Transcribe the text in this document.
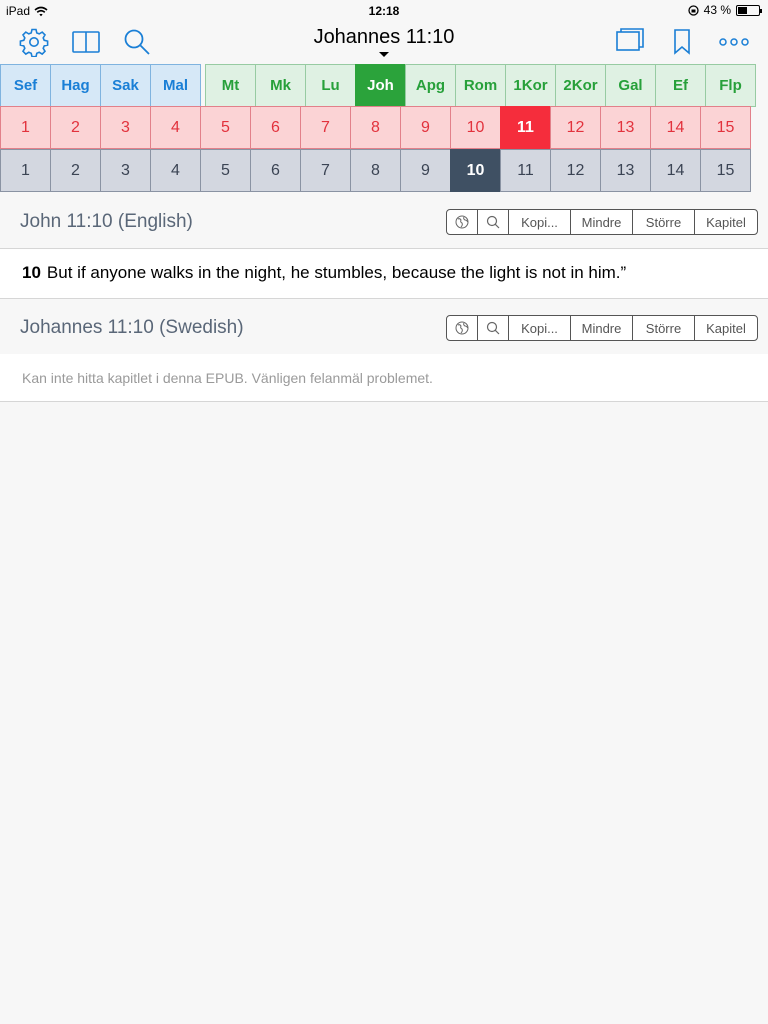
iPad	12:18	43 %
Johannes 11:10
Sef	Hag	Sak	Mal	Mt	Mk	Lu	Joh	Apg	Rom	1Kor	2Kor	Gal	Ef	Flp
1	2	3	4	5	6	7	8	9	10	11	12	13	14	15
1	2	3	4	5	6	7	8	9	10	11	12	13	14	15
John 11:10 (English)	Kopi...	Mindre	Större	Kapitel
10 But if anyone walks in the night, he stumbles, because the light is not in him.”
Johannes 11:10 (Swedish)	Kopi...	Mindre	Större	Kapitel
Kan inte hitta kapitlet i denna EPUB. Vänligen felanmäl problemet.
